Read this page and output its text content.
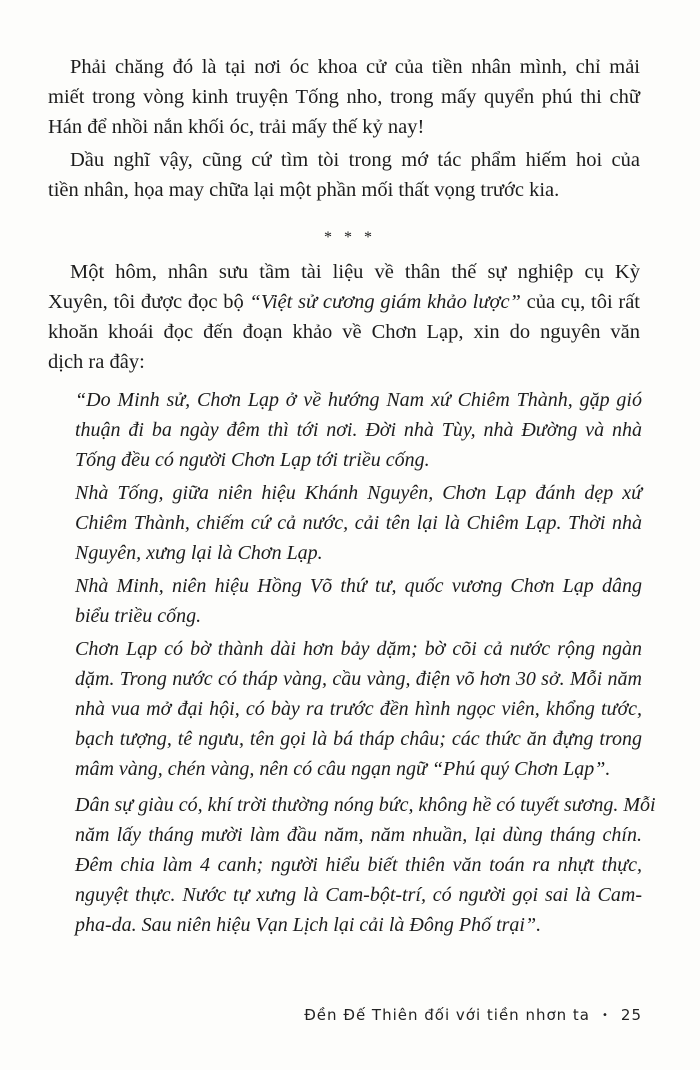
Phải chăng đó là tại nơi óc khoa cử của tiền nhân mình, chỉ mải
miết trong vòng kinh truyện Tống nho, trong mấy quyển phú thi chữ
Hán để nhồi nắn khối óc, trải mấy thế kỷ nay!
Dầu nghĩ vậy, cũng cứ tìm tòi trong mớ tác phẩm hiếm hoi của
tiền nhân, họa may chữa lại một phần mối thất vọng trước kia.
* * *
Một hôm, nhân sưu tầm tài liệu về thân thế sự nghiệp cụ Kỳ
Xuyên, tôi được đọc bộ “Việt sử cương giám khảo lược” của cụ, tôi rất
khoăn khoái đọc đến đoạn khảo về Chơn Lạp, xin do nguyên văn
dịch ra đây:
“Do Minh sử, Chơn Lạp ở về hướng Nam xứ Chiêm Thành, gặp gió
thuận đi ba ngày đêm thì tới nơi. Đời nhà Tùy, nhà Đường và nhà
Tống đều có người Chơn Lạp tới triều cống.
Nhà Tống, giữa niên hiệu Khánh Nguyên, Chơn Lạp đánh dẹp xứ
Chiêm Thành, chiếm cứ cả nước, cải tên lại là Chiêm Lạp. Thời nhà
Nguyên, xưng lại là Chơn Lạp.
Nhà Minh, niên hiệu Hồng Võ thứ tư, quốc vương Chơn Lạp dâng
biểu triều cống.
Chơn Lạp có bờ thành dài hơn bảy dặm; bờ cõi cả nước rộng ngàn
dặm. Trong nước có tháp vàng, cầu vàng, điện võ hơn 30 sở. Mỗi năm
nhà vua mở đại hội, có bày ra trước đền hình ngọc viên, khổng tước,
bạch tượng, tê ngưu, tên gọi là bá tháp châu; các thức ăn đựng trong
mâm vàng, chén vàng, nên có câu ngạn ngữ “Phú quý Chơn Lạp”.
Dân sự giàu có, khí trời thường nóng bức, không hề có tuyết sương. Mỗi
năm lấy tháng mười làm đầu năm, năm nhuần, lại dùng tháng chín.
Đêm chia làm 4 canh; người hiểu biết thiên văn toán ra nhựt thực,
nguyệt thực. Nước tự xưng là Cam-bột-trí, có người gọi sai là Cam-
pha-da. Sau niên hiệu Vạn Lịch lại cải là Đông Phố trại”.
Đền Đế Thiên đối với tiền nhơn ta • 25
